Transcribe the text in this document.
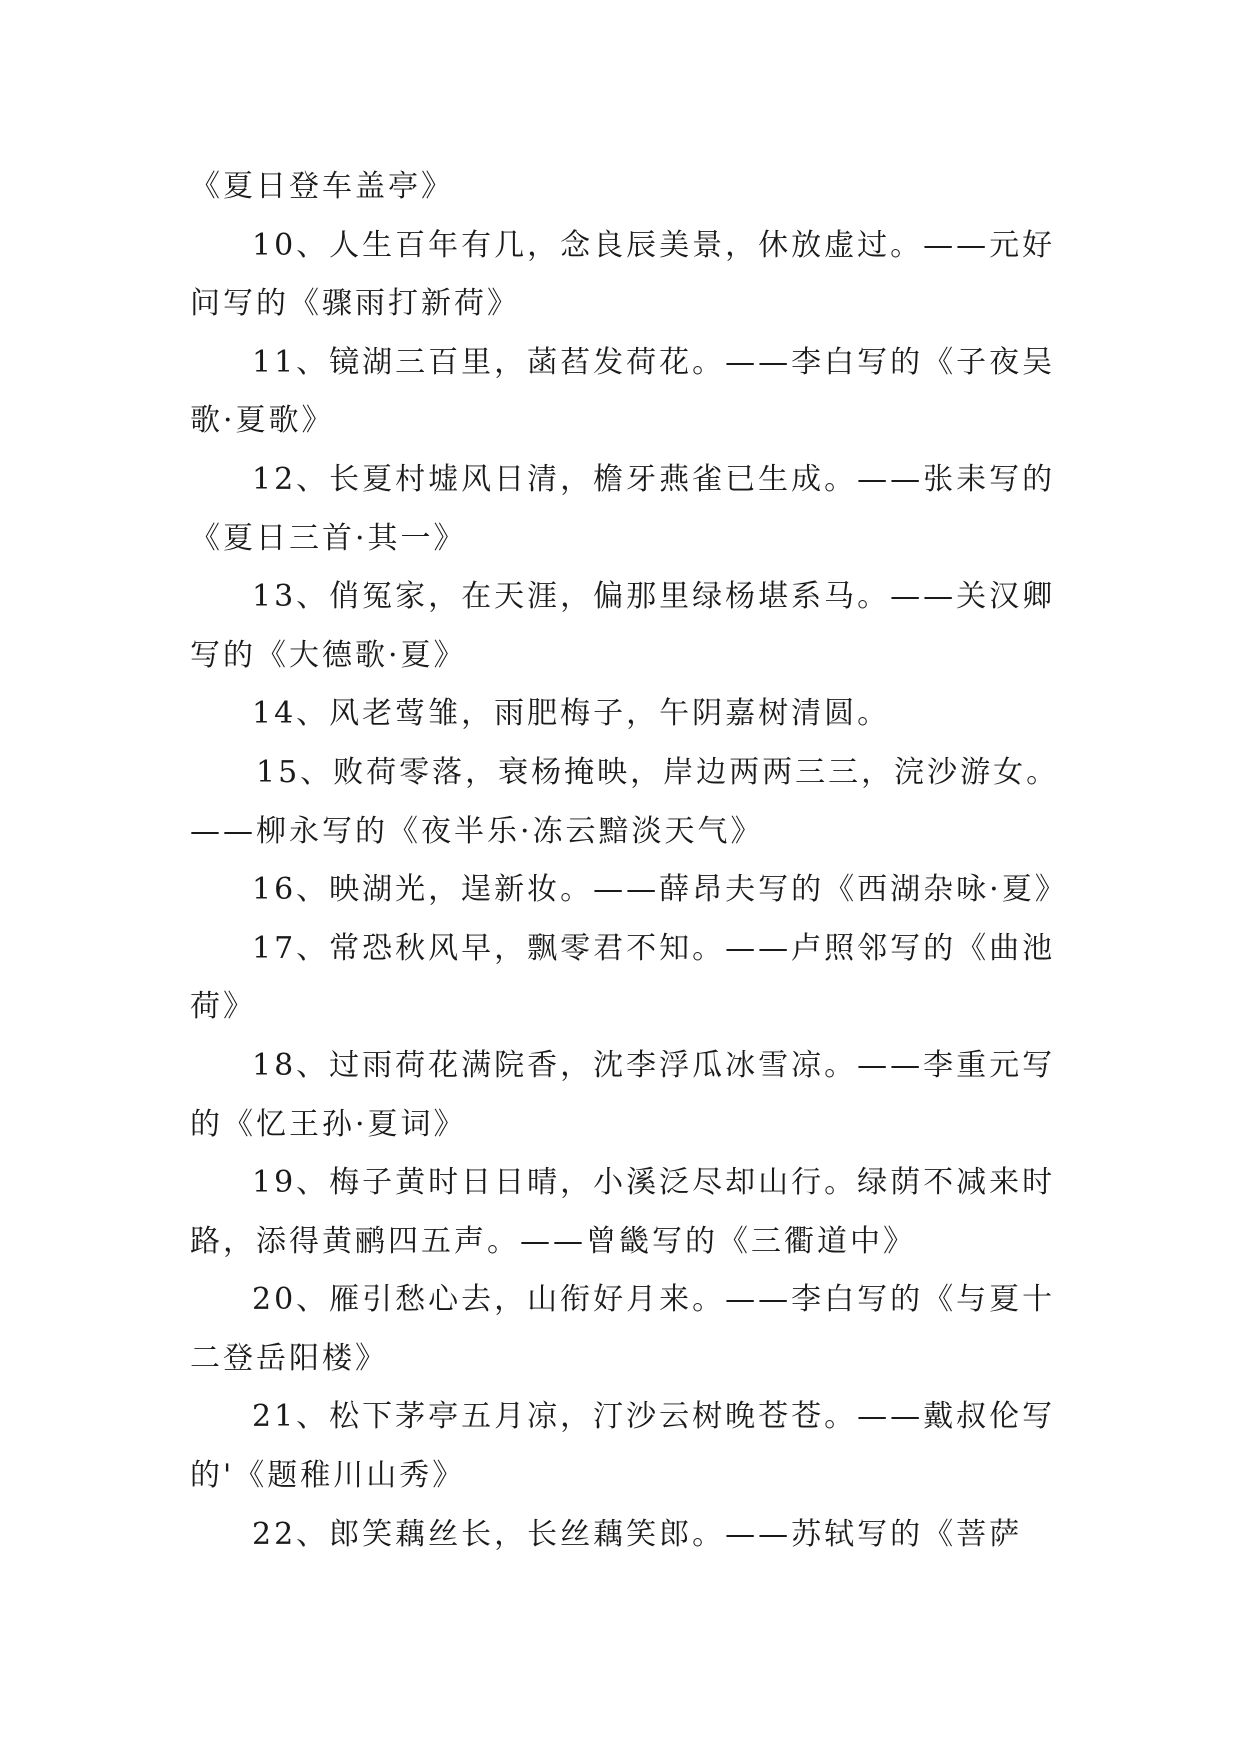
《夏日登车盖亭》
10、人生百年有几，念良辰美景，休放虚过。——元好
问写的《骤雨打新荷》
11、镜湖三百里，菡萏发荷花。——李白写的《子夜吴
歌·夏歌》
12、长夏村墟风日清，檐牙燕雀已生成。——张耒写的
《夏日三首·其一》
13、俏冤家，在天涯，偏那里绿杨堪系马。——关汉卿
写的《大德歌·夏》
14、风老莺雏，雨肥梅子，午阴嘉树清圆。
15、败荷零落，衰杨掩映，岸边两两三三，浣沙游女。
——柳永写的《夜半乐·冻云黯淡天气》
16、映湖光，逞新妆。——薛昂夫写的《西湖杂咏·夏》
17、常恐秋风早，飘零君不知。——卢照邻写的《曲池
荷》
18、过雨荷花满院香，沈李浮瓜冰雪凉。——李重元写
的《忆王孙·夏词》
19、梅子黄时日日晴，小溪泛尽却山行。绿荫不减来时
路，添得黄鹂四五声。——曾畿写的《三衢道中》
20、雁引愁心去，山衔好月来。——李白写的《与夏十
二登岳阳楼》
21、松下茅亭五月凉，汀沙云树晚苍苍。——戴叔伦写
的'《题稚川山秀》
22、郎笑藕丝长，长丝藕笑郎。——苏轼写的《菩萨
